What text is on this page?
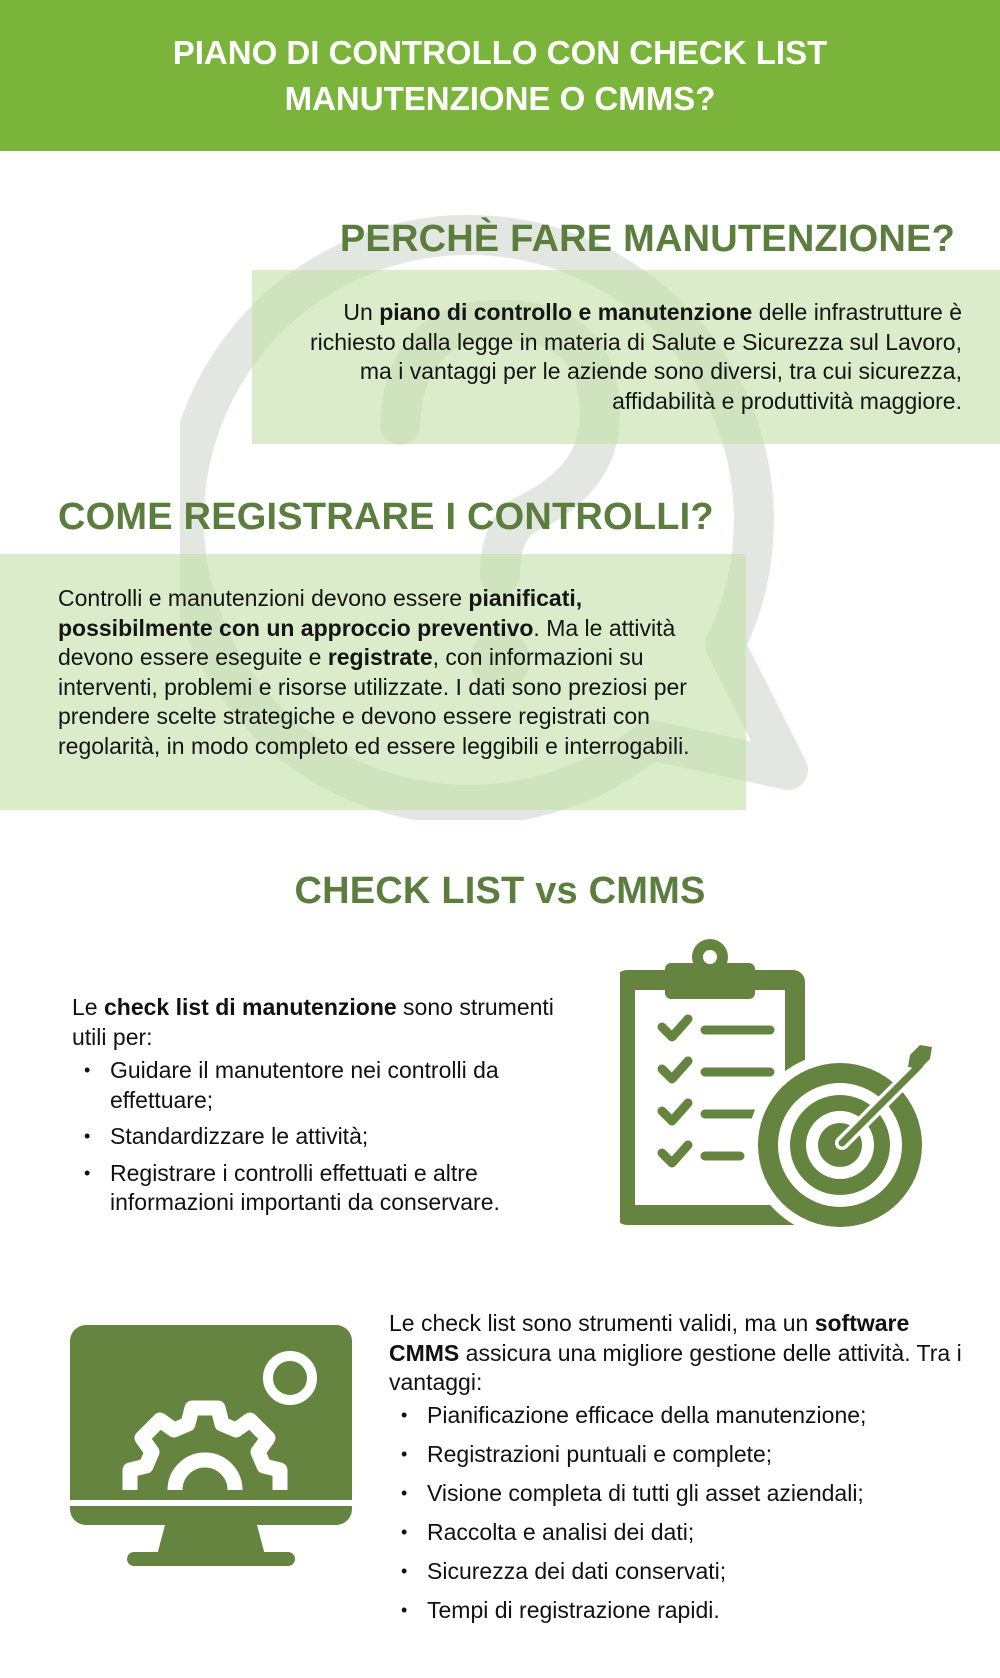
PIANO DI CONTROLLO CON CHECK LIST
MANUTENZIONE O CMMS?
PERCHÈ FARE MANUTENZIONE?

Un piano di controllo e manutenzione delle infrastrutture è richiesto dalla legge in materia di Salute e Sicurezza sul Lavoro, ma i vantaggi per le aziende sono diversi, tra cui sicurezza, affidabilità e produttività maggiore.

COME REGISTRARE I CONTROLLI?

Controlli e manutenzioni devono essere pianificati, possibilmente con un approccio preventivo. Ma le attività devono essere eseguite e registrate, con informazioni su interventi, problemi e risorse utilizzate. I dati sono preziosi per prendere scelte strategiche e devono essere registrati con regolarità, in modo completo ed essere leggibili e interrogabili.

CHECK LIST vs CMMS

Le check list di manutenzione sono strumenti utili per:

• Guidare il manutentore nei controlli da effettuare;
• Standardizzare le attività;
• Registrare i controlli effettuati e altre informazioni importanti da conservare.

Le check list sono strumenti validi, ma un software CMMS assicura una migliore gestione delle attività. Tra i vantaggi:

• Pianificazione efficace della manutenzione;
• Registrazioni puntuali e complete;
• Visione completa di tutti gli asset aziendali;
• Raccolta e analisi dei dati;
• Sicurezza dei dati conservati;
• Tempi di registrazione rapidi.
